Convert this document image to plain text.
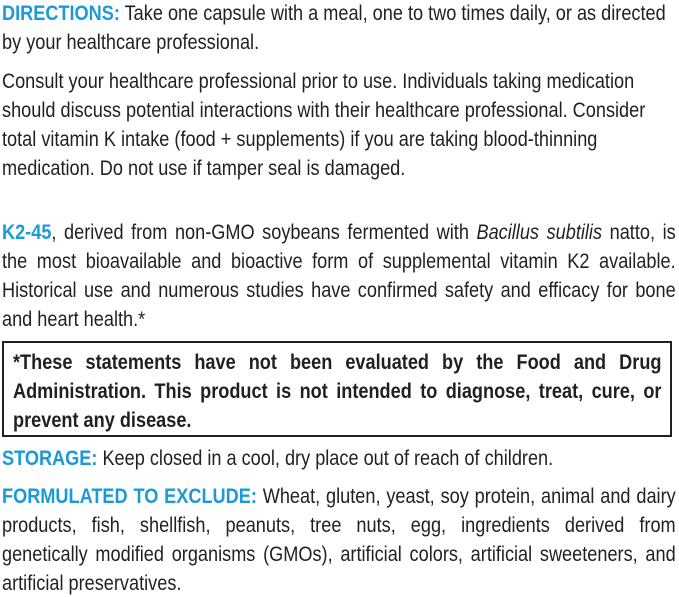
DIRECTIONS: Take one capsule with a meal, one to two times daily, or as directed by your healthcare professional.

Consult your healthcare professional prior to use. Individuals taking medication should discuss potential interactions with their healthcare professional. Consider total vitamin K intake (food + supplements) if you are taking blood-thinning medication. Do not use if tamper seal is damaged.

K2-45, derived from non-GMO soybeans fermented with Bacillus subtilis natto, is the most bioavailable and bioactive form of supplemental vitamin K2 available. Historical use and numerous studies have confirmed safety and efficacy for bone and heart health.*

*These statements have not been evaluated by the Food and Drug Administration. This product is not intended to diagnose, treat, cure, or prevent any disease.

STORAGE: Keep closed in a cool, dry place out of reach of children.

FORMULATED TO EXCLUDE: Wheat, gluten, yeast, soy protein, animal and dairy products, fish, shellfish, peanuts, tree nuts, egg, ingredients derived from genetically modified organisms (GMOs), artificial colors, artificial sweeteners, and artificial preservatives.
